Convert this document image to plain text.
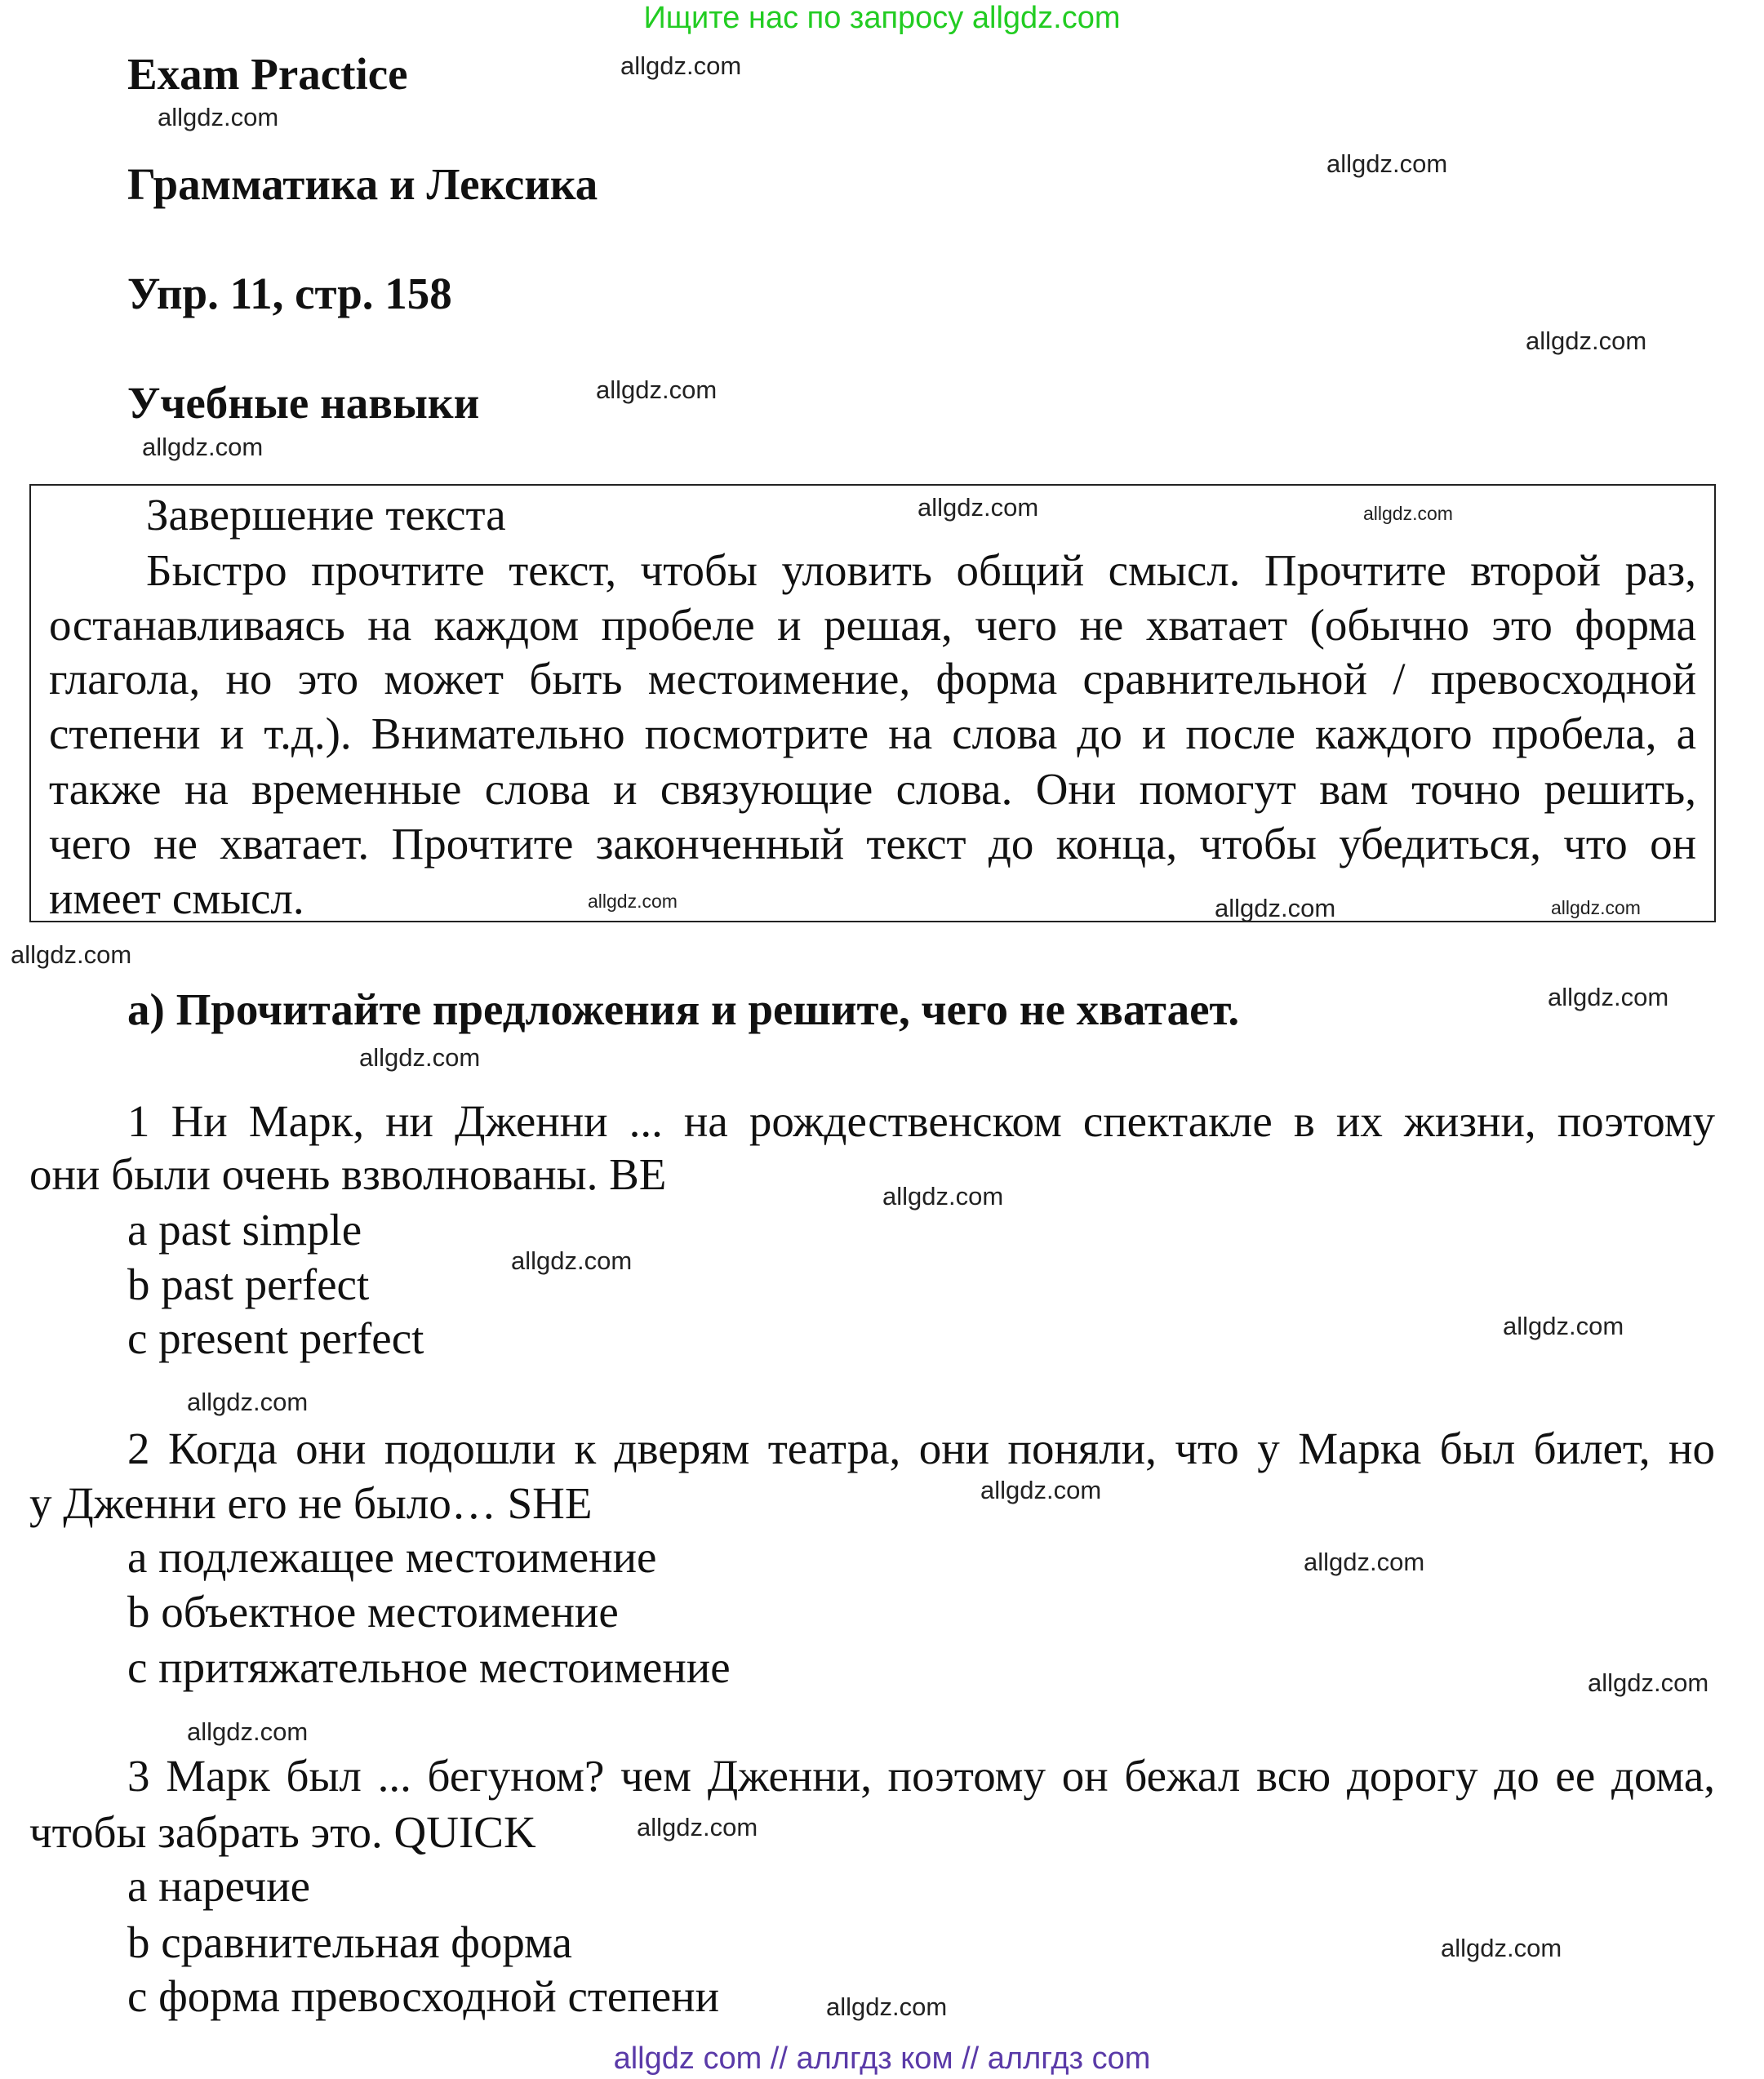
Ищите нас по запросу allgdz.com
Exam Practice
Грамматика и Лексика
Упр. 11, стр. 158
Учебные навыки
Завершение текста
Быстро прочтите текст, чтобы уловить общий смысл. Прочтите второй раз,
останавливаясь на каждом пробеле и решая, чего не хватает (обычно это форма
глагола, но это может быть местоимение, форма сравнительной / превосходной
степени и т.д.). Внимательно посмотрите на слова до и после каждого пробела, а
также на временные слова и связующие слова. Они помогут вам точно решить,
чего не хватает. Прочтите законченный текст до конца, чтобы убедиться, что он
имеет смысл.
а) Прочитайте предложения и решите, чего не хватает.
1 Ни Марк, ни Дженни ... на рождественском спектакле в их жизни, поэтому
они были очень взволнованы. BE
a past simple
b past perfect
c present perfect
2 Когда они подошли к дверям театра, они поняли, что у Марка был билет, но
у Дженни его не было… SHE
а подлежащее местоимение
b объектное местоимение
c притяжательное местоимение
3 Марк был ... бегуном? чем Дженни, поэтому он бежал всю дорогу до ее дома,
чтобы забрать это. QUICK
a наречие
b сравнительная форма
c форма превосходной степени
allgdz.com
allgdz.com
allgdz.com
allgdz.com
allgdz.com
allgdz.com
allgdz.com	allgdz.com
allgdz.com	allgdz.com
allgdz.com
allgdz.com
allgdz.com
allgdz.com
allgdz.com
allgdz.com
allgdz.com
allgdz.com
allgdz.com
allgdz.com
allgdz.com
allgdz.com
allgdz.com
allgdz.com
allgdz.com
allgdz com // аллгдз ком // аллгдз com
